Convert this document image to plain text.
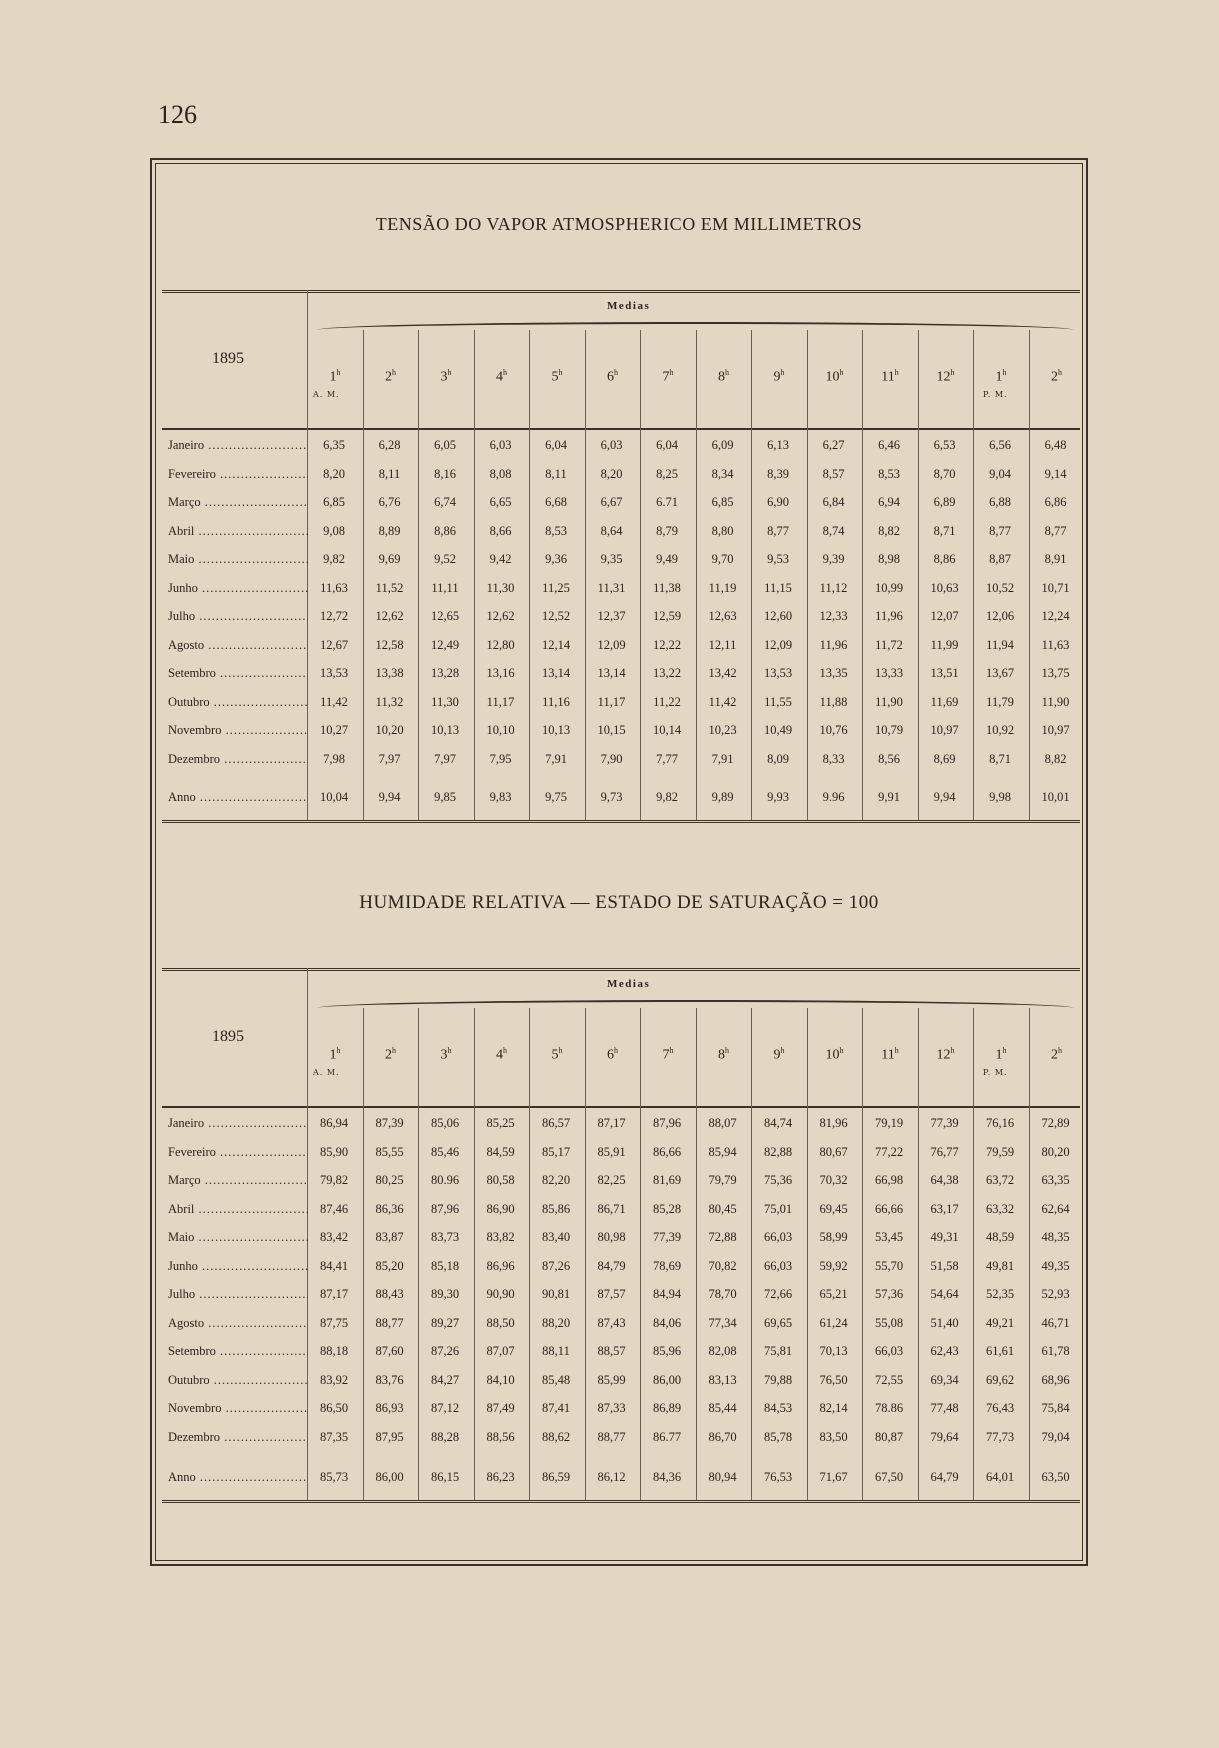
126
TENSÃO DO VAPOR ATMOSPHERICO EM MILLIMETROS
HUMIDADE RELATIVA — ESTADO DE SATURAÇÃO = 100
1895
Medias
1$^h$
A. M.
2$^h$	3$^h$	4$^h$	5$^h$	6$^h$	7$^h$	8$^h$	9$^h$	10$^h$	11$^h$	12$^h$	1$^h$
P. M.
2$^h$
Janeiro .....	6,35	6,28	6,05	6,03	6,04	6,03	6,04	6,09	6,13	6,27	6,46	6,53	6,56	6,48
Fevereiro .....	8,20	8,11	8,16	8,08	8,11	8,20	8,25	8,34	8,39	8,57	8,53	8,70	9,04	9,14
Março .....	6,85	6,76	6,74	6,65	6,68	6,67	6.71	6,85	6,90	6,84	6,94	6,89	6,88	6,86
Abril .....	9,08	8,89	8,86	8,66	8,53	8,64	8,79	8,80	8,77	8,74	8,82	8,71	8,77	8,77
Maio .....	9,82	9,69	9,52	9,42	9,36	9,35	9,49	9,70	9,53	9,39	8,98	8,86	8,87	8,91
Junho .....	11,63	11,52	11,11	11,30	11,25	11,31	11,38	11,19	11,15	11,12	10,99	10,63	10,52	10,71
Julho .....	12,72	12,62	12,65	12,62	12,52	12,37	12,59	12,63	12,60	12,33	11,96	12,07	12,06	12,24
Agosto .....	12,67	12,58	12,49	12,80	12,14	12,09	12,22	12,11	12,09	11,96	11,72	11,99	11,94	11,63
Setembro .....	13,53	13,38	13,28	13,16	13,14	13,14	13,22	13,42	13,53	13,35	13,33	13,51	13,67	13,75
Outubro .....	11,42	11,32	11,30	11,17	11,16	11,17	11,22	11,42	11,55	11,88	11,90	11,69	11,79	11,90
Novembro .....	10,27	10,20	10,13	10,10	10,13	10,15	10,14	10,23	10,49	10,76	10,79	10,97	10,92	10,97
Dezembro .....	7,98	7,97	7,97	7,95	7,91	7,90	7,77	7,91	8,09	8,33	8,56	8,69	8,71	8,82
Anno .....	10,04	9,94	9,85	9,83	9,75	9,73	9,82	9,89	9,93	9.96	9,91	9,94	9,98	10,01
1895
Medias
1$^h$
A. M.
2$^h$	3$^h$	4$^h$	5$^h$	6$^h$	7$^h$	8$^h$	9$^h$	10$^h$	11$^h$	12$^h$	1$^h$
P. M.
2$^h$
Janeiro .....	86,94	87,39	85,06	85,25	86,57	87,17	87,96	88,07	84,74	81,96	79,19	77,39	76,16	72,89
Fevereiro .....	85,90	85,55	85,46	84,59	85,17	85,91	86,66	85,94	82,88	80,67	77,22	76,77	79,59	80,20
Março .....	79,82	80,25	80.96	80,58	82,20	82,25	81,69	79,79	75,36	70,32	66,98	64,38	63,72	63,35
Abril .....	87,46	86,36	87,96	86,90	85,86	86,71	85,28	80,45	75,01	69,45	66,66	63,17	63,32	62,64
Maio .....	83,42	83,87	83,73	83,82	83,40	80,98	77,39	72,88	66,03	58,99	53,45	49,31	48,59	48,35
Junho .....	84,41	85,20	85,18	86,96	87,26	84,79	78,69	70,82	66,03	59,92	55,70	51,58	49,81	49,35
Julho .....	87,17	88,43	89,30	90,90	90,81	87,57	84,94	78,70	72,66	65,21	57,36	54,64	52,35	52,93
Agosto .....	87,75	88,77	89,27	88,50	88,20	87,43	84,06	77,34	69,65	61,24	55,08	51,40	49,21	46,71
Setembro .....	88,18	87,60	87,26	87,07	88,11	88,57	85,96	82,08	75,81	70,13	66,03	62,43	61,61	61,78
Outubro .....	83,92	83,76	84,27	84,10	85,48	85,99	86,00	83,13	79,88	76,50	72,55	69,34	69,62	68,96
Novembro .....	86,50	86,93	87,12	87,49	87,41	87,33	86,89	85,44	84,53	82,14	78.86	77,48	76,43	75,84
Dezembro .....	87,35	87,95	88,28	88,56	88,62	88,77	86.77	86,70	85,78	83,50	80,87	79,64	77,73	79,04
Anno .....	85,73	86,00	86,15	86,23	86,59	86,12	84,36	80,94	76,53	71,67	67,50	64,79	64,01	63,50
